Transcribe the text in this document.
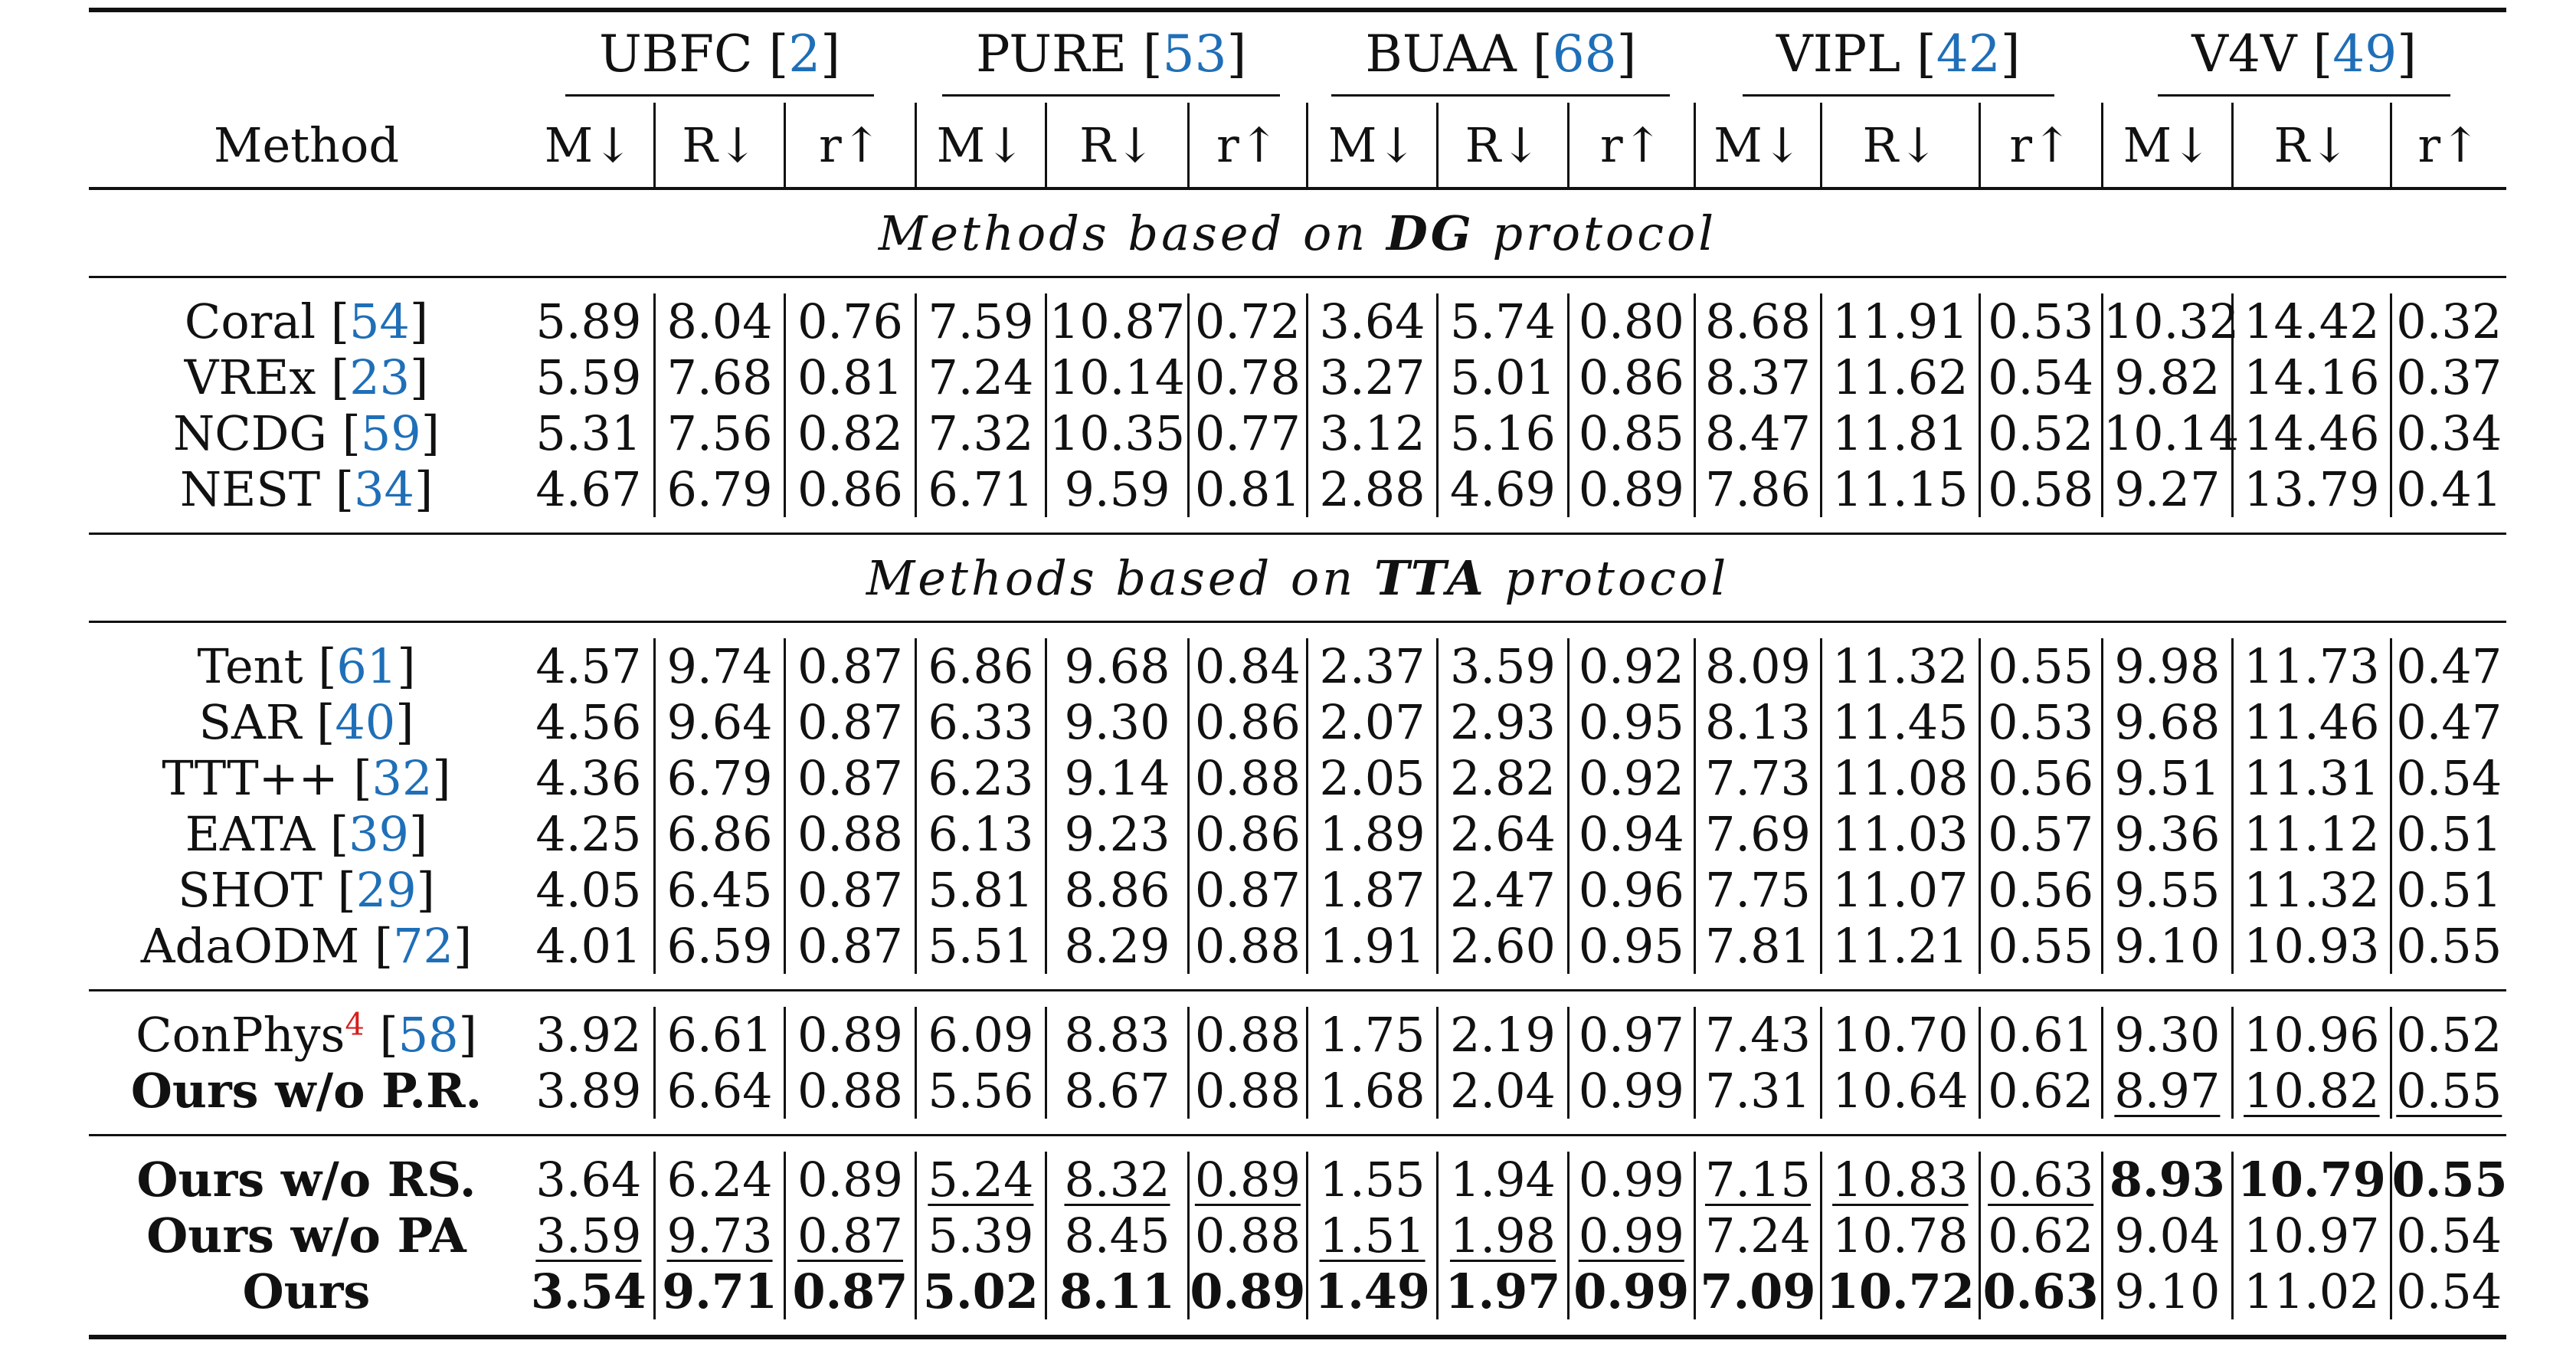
	UBFC [2]			PURE [53]			BUAA [68]			VIPL [42]			V4V [49]		
Method	M↓	R↓	r↑	M↓	R↓	r↑	M↓	R↓	r↑	M↓	R↓	r↑	M↓	R↓	r↑
Methods based on DG protocol															

Coral [54]	5.89	8.04	0.76	7.59	10.87	0.72	3.64	5.74	0.80	8.68	11.91	0.53	10.32	14.42	0.32
VREx [23]	5.59	7.68	0.81	7.24	10.14	0.78	3.27	5.01	0.86	8.37	11.62	0.54	9.82	14.16	0.37
NCDG [59]	5.31	7.56	0.82	7.32	10.35	0.77	3.12	5.16	0.85	8.47	11.81	0.52	10.14	14.46	0.34
NEST [34]	4.67	6.79	0.86	6.71	9.59	0.81	2.88	4.69	0.89	7.86	11.15	0.58	9.27	13.79	0.41

Methods based on TTA protocol															

Tent [61]	4.57	9.74	0.87	6.86	9.68	0.84	2.37	3.59	0.92	8.09	11.32	0.55	9.98	11.73	0.47
SAR [40]	4.56	9.64	0.87	6.33	9.30	0.86	2.07	2.93	0.95	8.13	11.45	0.53	9.68	11.46	0.47
TTT++ [32]	4.36	6.79	0.87	6.23	9.14	0.88	2.05	2.82	0.92	7.73	11.08	0.56	9.51	11.31	0.54
EATA [39]	4.25	6.86	0.88	6.13	9.23	0.86	1.89	2.64	0.94	7.69	11.03	0.57	9.36	11.12	0.51
SHOT [29]	4.05	6.45	0.87	5.81	8.86	0.87	1.87	2.47	0.96	7.75	11.07	0.56	9.55	11.32	0.51
AdaODM [72]	4.01	6.59	0.87	5.51	8.29	0.88	1.91	2.60	0.95	7.81	11.21	0.55	9.10	10.93	0.55

ConPhys$^4$ [58]	3.92	6.61	0.89	6.09	8.83	0.88	1.75	2.19	0.97	7.43	10.70	0.61	9.30	10.96	0.52
Ours w/o P.R.	3.89	6.64	0.88	5.56	8.67	0.88	1.68	2.04	0.99	7.31	10.64	0.62	8.97	10.82	0.55

Ours w/o RS.	3.64	6.24	0.89	5.24	8.32	0.89	1.55	1.94	0.99	7.15	10.83	0.63	8.93	10.79	0.55
Ours w/o PA	3.59	9.73	0.87	5.39	8.45	0.88	1.51	1.98	0.99	7.24	10.78	0.62	9.04	10.97	0.54
Ours	3.54	9.71	0.87	5.02	8.11	0.89	1.49	1.97	0.99	7.09	10.72	0.63	9.10	11.02	0.54
